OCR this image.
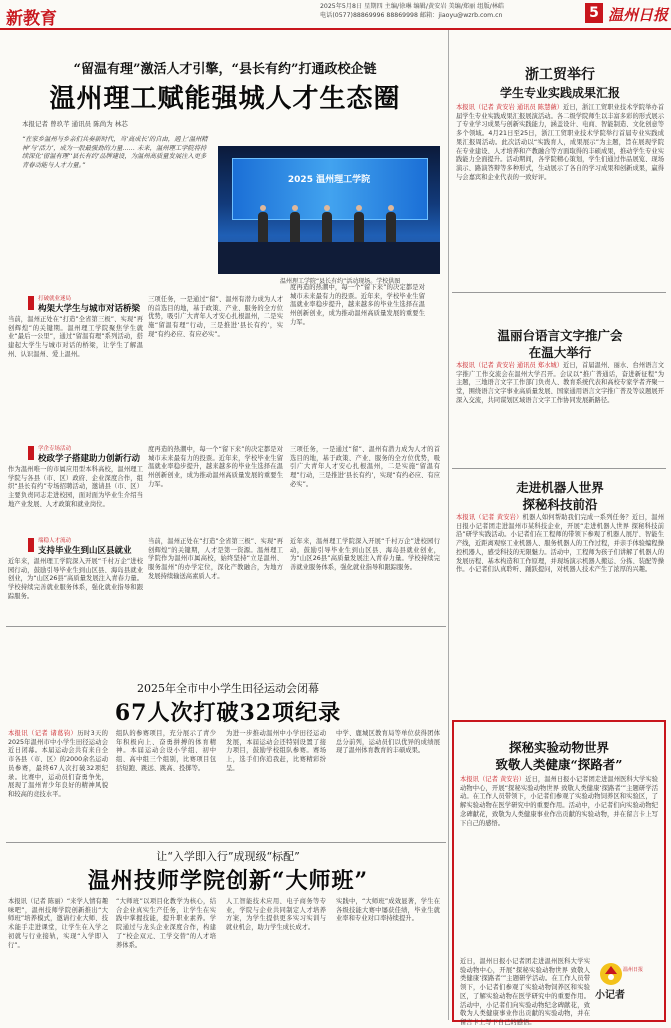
新教育
2025年5月8日 星期四 主编/徐琳 编辑/黄安岩 美编/郑丽 组版/林皓
电话(0577)88869996 88869998 邮箱：jiaoyu@wzrb.com.cn	5 温州日报
“留温有理”激活人才引擎，“县长有约”打通政校企链
温州理工赋能强城人才生态圈
本报记者 曾玖芊 通讯员 陈尚为 林芯
“在家乡温州与乡亲们共奏新时代，当‘高成长’的自由，遇上‘温州精神’与‘活力’，成为一股最强劲的力量…… 未来，温州理工学院将持续深化‘留温有理’‘县长有约’品牌建设，为温州高质量发展注入更多青春动能与人才力量。”
2025 温州理工学院
温州理工学院“县长有约”活动现场。学校供图
打破就业迷局
构架大学生与城市对话桥梁
当前，温州正处在“打造”全省第三极”、实现“再创辉煌”的关键期。温州理工学院聚焦学生就业“最后一公里”，通过“留温有理”系列活动，搭建起大学生与城市对话的桥梁，让学生了解温州、认识温州、爱上温州。
三项任务，一是通过“留”、温州有潜力成为人才的首选目的地，基于政策、产业、服务的全方位优势，吸引广大青年人才安心扎根温州，二是实施“留温有理”行动，三是推进‘县长有约’，实现“有约必应、有应必实”。
度再造的热潮中，每一个“留下来”的决定都是对城市未来最有力的投票。近年来，学校毕业生留温就业率稳步提升，越来越多的毕业生选择在温州创新创业，成为推动温州高质量发展的重要生力军。
学企专场活动
校政学子搭建助力创新行动
作为温州唯一的市属应用型本科高校，温州理工学院与各县（市、区）政府、企业深度合作，组织“县长有约”专场招聘活动，邀请县（市、区）主要负责同志走进校园，面对面为毕业生介绍当地产业发展、人才政策和就业岗位。
度再造的热潮中，每一个“留下来”的决定都是对城市未来最有力的投票。近年来，学校毕业生留温就业率稳步提升，越来越多的毕业生选择在温州创新创业，成为推动温州高质量发展的重要生力军。
三项任务，一是通过“留”、温州有潜力成为人才的首选目的地，基于政策、产业、服务的全方位优势，吸引广大青年人才安心扎根温州，二是实施“留温有理”行动，三是推进‘县长有约’，实现“有约必应、有应必实”。
端稳人才流动
支持毕业生到山区县就业
近年来，温州理工学院深入开展“千村万企”进校园行动，鼓励引导毕业生到山区县、海岛县就业创业，为“山区26县”高质量发展注入青春力量。学校持续完善就业服务体系，强化就业指导和跟踪服务。
当前，温州正处在“打造”全省第三极”、实现“再创辉煌”的关键期，人才是第一资源。温州理工学院作为温州市属高校，始终坚持“立足温州、服务温州”的办学定位，深化产教融合，为地方发展持续输送高素质人才。
近年来，温州理工学院深入开展“千村万企”进校园行动，鼓励引导毕业生到山区县、海岛县就业创业，为“山区26县”高质量发展注入青春力量。学校持续完善就业服务体系，强化就业指导和跟踪服务。
2025年全市中小学生田径运动会闭幕
67人次打破32项纪录
本报讯（记者 诸葛钧）历时3天的2025年温州市中小学生田径运动会近日闭幕。本届运动会共有来自全市各县（市、区）的2000余名运动员参赛，最终67人次打破32项纪录。比赛中，运动员们奋勇争先，展现了温州青少年良好的精神风貌和较高的竞技水平。
组队的参赛项目，充分展示了青少年积极向上、奋勇拼搏的体育精神。本届运动会设小学组、初中组、高中组三个组别，比赛项目包括短跑、跳远、跳高、投掷等。
为进一步推动温州中小学田径运动发展，本届运动会还特别设置了接力项目，鼓励学校组队参赛。赛场上，选手们你追我赶，比赛精彩纷呈。
中学、鹿城区教育局等单位获得团体总分前列，运动员们以优异的成绩展现了温州体育教育的丰硕成果。
让“入学即入行”成现级“标配”
温州技师学院创新“大师班”
本报讯（记者 陈丽）“来学人情有趣味吧”，温州技师学院创新推出“大师班”培养模式，邀请行业大师、技术能手走进课堂，让学生在入学之初就与行业接轨，实现“入学即入行”。
“大师班”以项目化教学为核心，结合企业真实生产任务，让学生在实践中掌握技能，提升职业素养。学院通过与龙头企业深度合作，构建了“校企双元、工学交替”的人才培养体系。
人工智能技术应用、电子商务等专业，学院与企业共同制定人才培养方案，为学生提供更多实习实训与就业机会，助力学生成长成才。
实践中，“大师班”成效显著，学生在各级技能大赛中屡获佳绩，毕业生就业率和专业对口率持续提升。
浙工贸举行
学生专业实践成果汇报
本报讯（记者 黄安岩 通讯员 陈慧薇）近日，浙江工贸职业技术学院举办首届学生专业实践成果汇报展演活动。各二级学院师生以丰富多彩的形式展示了专业学习成果与创新实践能力，涵盖设计、电商、智能制造、文化创意等多个领域。4月21日至25日，浙江工贸职业技术学院举行首届专业实践成果汇报周活动。此次活动以“实践育人，成果展示”为主题，旨在展现学院在专业建设、人才培养和产教融合等方面取得的丰硕成果，推动学生专业实践能力全面提升。活动期间，各学院精心策划，学生们通过作品展览、现场演示、路演答辩等多种形式，生动展示了各自的学习成果和创新成果，赢得与会嘉宾和企业代表的一致好评。
温丽台语言文字推广会
在温大举行
本报讯（记者 黄安岩 通讯员 郑水城）近日，首届温州、丽水、台州语言文字推广工作交流会在温州大学召开。会议以“推广普通话，奋进新征程”为主题，三地语言文字工作部门负责人、教育系统代表和高校专家学者齐聚一堂，围绕语言文字事业高质量发展、国家通用语言文字推广普及等议题展开深入交流，共同谋划区域语言文字工作协同发展新路径。
走进机器人世界
探秘科技前沿
本报讯（记者 黄安岩）机器人如何帮助我们完成一系列任务？近日，温州日报小记者团走进温州市某科技企业，开展“走进机器人世界 探秘科技前沿”研学实践活动。小记者们在工程师的带领下参观了机器人展厅、智能生产线，近距离观察工业机器人、服务机器人的工作过程，并亲手体验编程操控机器人，感受科技的无限魅力。活动中，工程师为孩子们讲解了机器人的发展历程、基本构造和工作原理，并现场演示机器人搬运、分拣、装配等操作。小记者们认真聆听、踊跃提问，对机器人技术产生了浓厚的兴趣。
探秘实验动物世界
致敬人类健康“探路者”
本报讯（记者 黄安岩）近日，温州日报小记者团走进温州医科大学实验动物中心，开展“探秘实验动物世界 致敬人类健康‘探路者’”主题研学活动。在工作人员带领下，小记者们参观了实验动物饲养区和实验区，了解实验动物在医学研究中的重要作用。活动中，小记者们向实验动物纪念碑献花，致敬为人类健康事业作出贡献的实验动物，并在留言卡上写下自己的感悟。
近日，温州日报小记者团走进温州医科大学实验动物中心，开展“探秘实验动物世界 致敬人类健康‘探路者’”主题研学活动。在工作人员带领下，小记者们参观了实验动物饲养区和实验区，了解实验动物在医学研究中的重要作用。活动中，小记者们向实验动物纪念碑献花，致敬为人类健康事业作出贡献的实验动物，并在留言卡上写下自己的感悟。
小记者
温州日报
